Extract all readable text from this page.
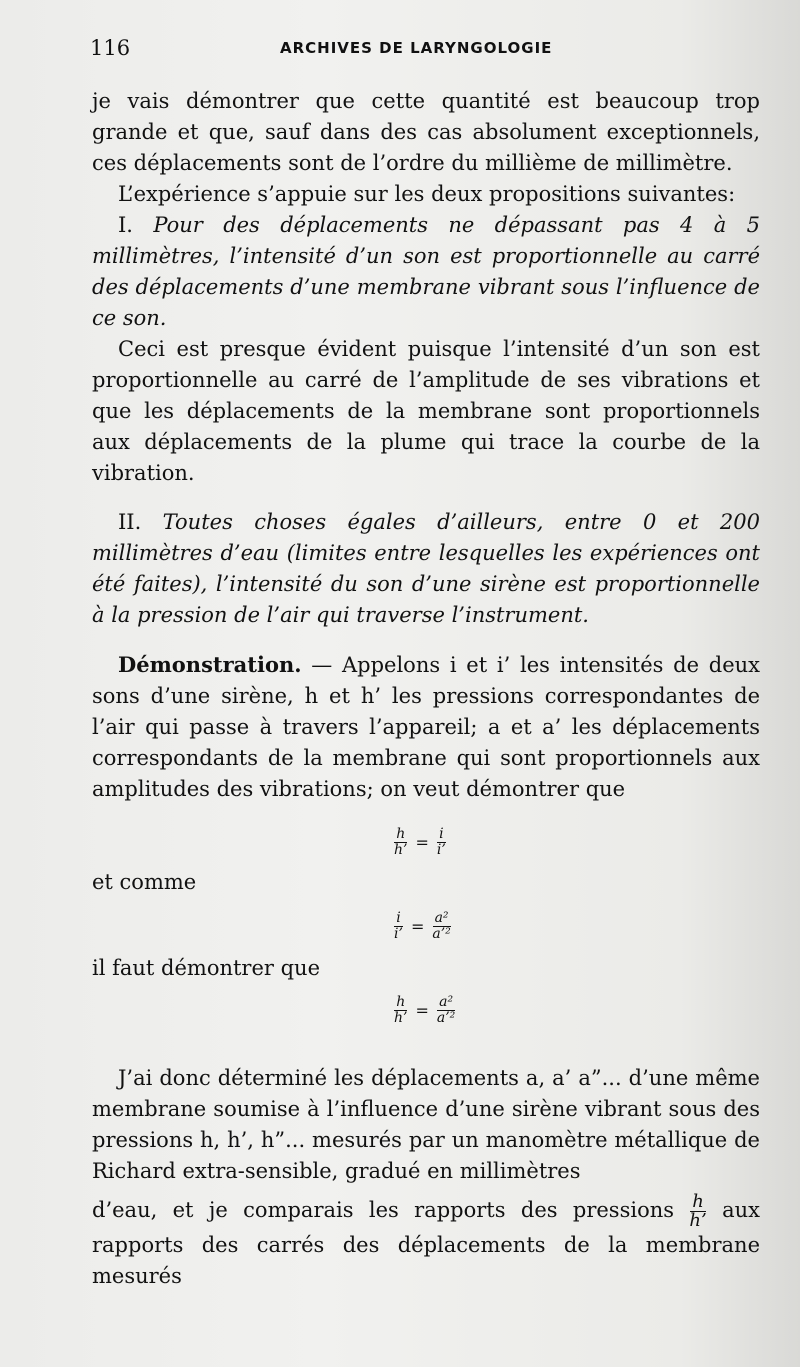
116	ARCHIVES DE LARYNGOLOGIE

je vais démontrer que cette quantité est beaucoup trop grande et que, sauf dans des cas absolument exceptionnels, ces déplacements sont de l’ordre du millième de millimètre.

L’expérience s’appuie sur les deux propositions suivantes:

I. Pour des déplacements ne dépassant pas 4 à 5 millimètres, l’intensité d’un son est proportionnelle au carré des déplacements d’une membrane vibrant sous l’influence de ce son.

Ceci est presque évident puisque l’intensité d’un son est proportionnelle au carré de l’amplitude de ses vibrations et que les déplacements de la membrane sont proportionnels aux déplacements de la plume qui trace la courbe de la vibration.

II. Toutes choses égales d’ailleurs, entre 0 et 200 millimètres d’eau (limites entre lesquelles les expériences ont été faites), l’intensité du son d’une sirène est proportionnelle à la pression de l’air qui traverse l’instrument.

Démonstration. — Appelons i et i’ les intensités de deux sons d’une sirène, h et h’ les pressions correspondantes de l’air qui passe à travers l’appareil; a et a’ les déplacements correspondants de la membrane qui sont proportionnels aux amplitudes des vibrations; on veut démontrer que

$\frac{h}{h’} = \frac{i}{i’}$
et comme
$\frac{i}{i’} = \frac{\text{a²}}{\text{a’²}}$
il faut démontrer que
$\frac{h}{h’} = \frac{\text{a²}}{\text{a’²}}$

J’ai donc déterminé les déplacements a, a’ a”... d’une même membrane soumise à l’influence d’une sirène vibrant sous des pressions h, h’, h”... mesurés par un manomètre métallique de Richard extra-sensible, gradué en millimètres

d’eau, et je comparais les rapports des pressions $\frac{h}{h’}$ aux rapports des carrés des déplacements de la membrane mesurés
